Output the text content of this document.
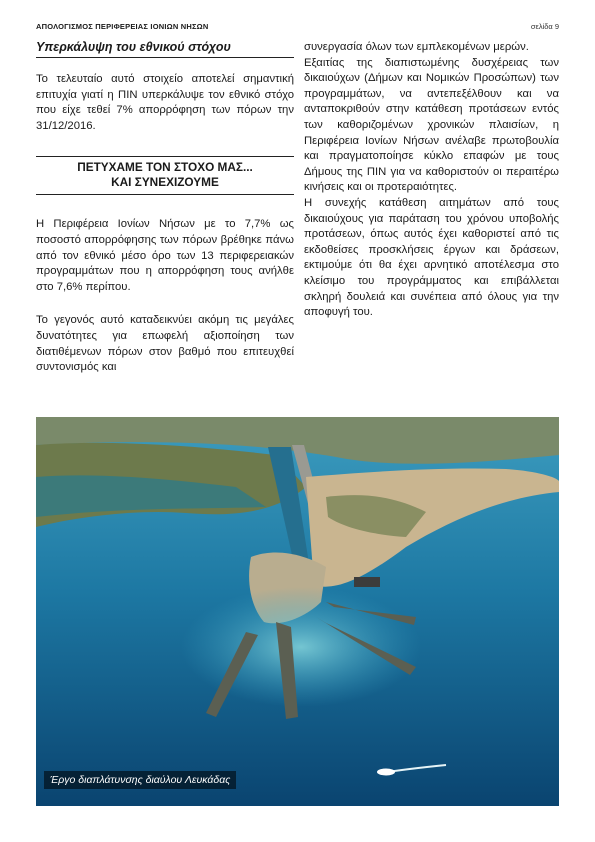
ΑΠΟΛΟΓΙΣΜΟΣ ΠΕΡΙΦΕΡΕΙΑΣ ΙΟΝΙΩΝ ΝΗΣΩΝ	σελίδα 9
Υπερκάλυψη του εθνικού στόχου

Το τελευταίο αυτό στοιχείο αποτελεί σημαντική επιτυχία γιατί η ΠΙΝ υπερκάλυψε τον εθνικό στόχο που είχε τεθεί 7% απορρόφηση των πόρων την 31/12/2016.

ΠΕΤΥΧΑΜΕ ΤΟΝ ΣΤΟΧΟ ΜΑΣ...
ΚΑΙ ΣΥΝΕΧΙΖΟΥΜΕ

Η Περιφέρεια Ιονίων Νήσων με το 7,7% ως ποσοστό απορρόφησης των πόρων βρέθηκε πάνω από τον εθνικό μέσο όρο των 13 περιφερειακών προγραμμάτων που η απορρόφηση τους ανήλθε στο 7,6% περίπου.

Το γεγονός αυτό καταδεικνύει ακόμη τις μεγάλες δυνατότητες για επωφελή αξιοποίηση των διατιθέμενων πόρων στον βαθμό που επιτευχθεί συντονισμός και

συνεργασία όλων των εμπλεκομένων μερών.

Εξαιτίας της διαπιστωμένης δυσχέρειας των δικαιούχων (Δήμων και Νομικών Προσώπων) των προγραμμάτων, να αντεπεξέλθουν και να ανταποκριθούν στην κατάθεση προτάσεων εντός των καθοριζομένων χρονικών πλαισίων, η Περιφέρεια Ιονίων Νήσων ανέλαβε πρωτοβουλία και πραγματοποίησε κύκλο επαφών με τους Δήμους της ΠΙΝ για να καθοριστούν οι περαιτέρω κινήσεις και οι προτεραιότητες.

Η συνεχής κατάθεση αιτημάτων από τους δικαιούχους για παράταση του χρόνου υποβολής προτάσεων, όπως αυτός έχει καθοριστεί από τις εκδοθείσες προσκλήσεις έργων και δράσεων, εκτιμούμε ότι θα έχει αρνητικό αποτέλεσμα στο κλείσιμο του προγράμματος και επιβάλλεται σκληρή δουλειά και συνέπεια από όλους για την αποφυγή του.

Έργο διαπλάτυνσης διαύλου Λευκάδας
